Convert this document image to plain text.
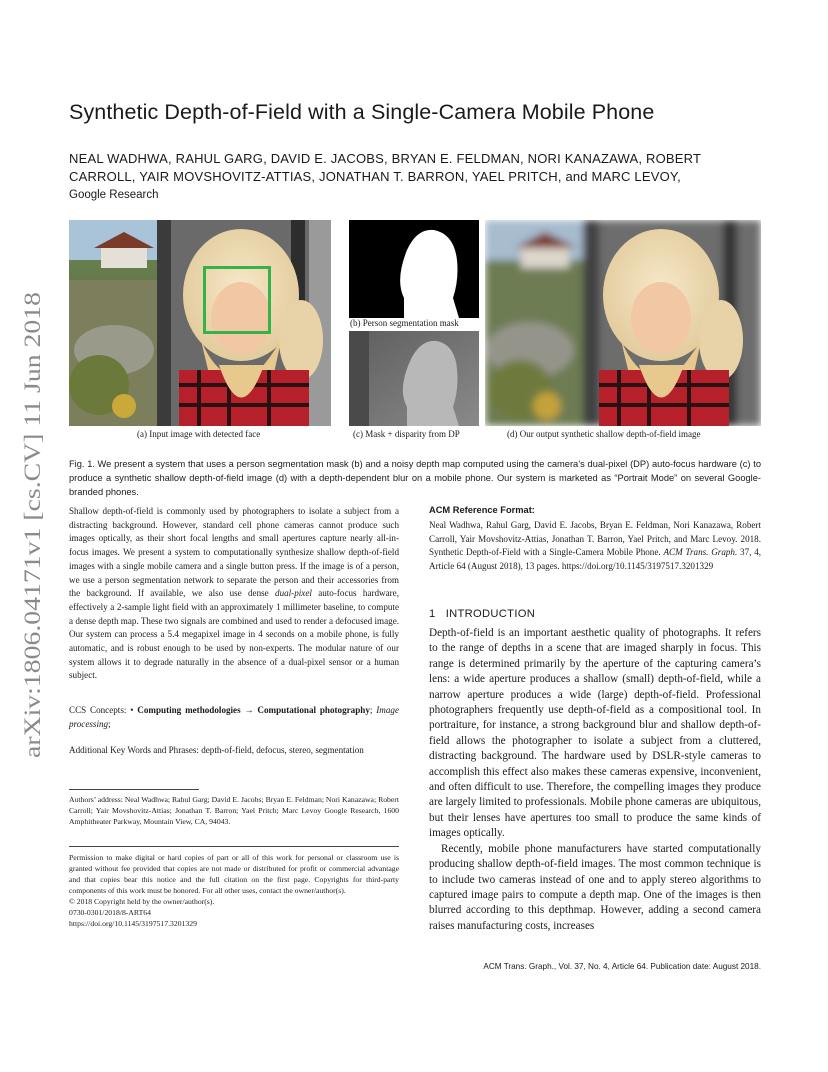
arXiv:1806.04171v1 [cs.CV] 11 Jun 2018
Synthetic Depth-of-Field with a Single-Camera Mobile Phone

NEAL WADHWA, RAHUL GARG, DAVID E. JACOBS, BRYAN E. FELDMAN, NORI KANAZAWA, ROBERT CARROLL, YAIR MOVSHOVITZ-ATTIAS, JONATHAN T. BARRON, YAEL PRITCH, and MARC LEVOY,

Google Research
(b) Person segmentation mask
(a) Input image with detected face	(c) Mask + disparity from DP	(d) Our output synthetic shallow depth-of-field image
Fig. 1. We present a system that uses a person segmentation mask (b) and a noisy depth map computed using the camera’s dual-pixel (DP) auto-focus hardware (c) to produce a synthetic shallow depth-of-field image (d) with a depth-dependent blur on a mobile phone. Our system is marketed as “Portrait Mode” on several Google-branded phones.
Shallow depth-of-field is commonly used by photographers to isolate a subject from a distracting background. However, standard cell phone cameras cannot produce such images optically, as their short focal lengths and small apertures capture nearly all-in-focus images. We present a system to computationally synthesize shallow depth-of-field images with a single mobile camera and a single button press. If the image is of a person, we use a person segmentation network to separate the person and their accessories from the background. If available, we also use dense dual-pixel auto-focus hardware, effectively a 2-sample light field with an approximately 1 millimeter baseline, to compute a dense depth map. These two signals are combined and used to render a defocused image. Our system can process a 5.4 megapixel image in 4 seconds on a mobile phone, is fully automatic, and is robust enough to be used by non-experts. The modular nature of our system allows it to degrade naturally in the absence of a dual-pixel sensor or a human subject.
CCS Concepts: • Computing methodologies → Computational photography; Image processing;
Additional Key Words and Phrases: depth-of-field, defocus, stereo, segmentation
Authors’ address: Neal Wadhwa; Rahul Garg; David E. Jacobs; Bryan E. Feldman; Nori Kanazawa; Robert Carroll; Yair Movshovitz-Attias; Jonathan T. Barron; Yael Pritch; Marc Levoy Google Research, 1600 Amphitheater Parkway, Mountain View, CA, 94043.
Permission to make digital or hard copies of part or all of this work for personal or classroom use is granted without fee provided that copies are not made or distributed for profit or commercial advantage and that copies bear this notice and the full citation on the first page. Copyrights for third-party components of this work must be honored. For all other uses, contact the owner/author(s).
© 2018 Copyright held by the owner/author(s).
0730-0301/2018/8-ART64
https://doi.org/10.1145/3197517.3201329
ACM Reference Format:
Neal Wadhwa, Rahul Garg, David E. Jacobs, Bryan E. Feldman, Nori Kanazawa, Robert Carroll, Yair Movshovitz-Attias, Jonathan T. Barron, Yael Pritch, and Marc Levoy. 2018. Synthetic Depth-of-Field with a Single-Camera Mobile Phone. ACM Trans. Graph. 37, 4, Article 64 (August 2018), 13 pages. https://doi.org/10.1145/3197517.3201329
1   INTRODUCTION

Depth-of-field is an important aesthetic quality of photographs. It refers to the range of depths in a scene that are imaged sharply in focus. This range is determined primarily by the aperture of the capturing camera’s lens: a wide aperture produces a shallow (small) depth-of-field, while a narrow aperture produces a wide (large) depth-of-field. Professional photographers frequently use depth-of-field as a compositional tool. In portraiture, for instance, a strong background blur and shallow depth-of-field allows the photographer to isolate a subject from a cluttered, distracting background. The hardware used by DSLR-style cameras to accomplish this effect also makes these cameras expensive, inconvenient, and often difficult to use. Therefore, the compelling images they produce are largely limited to professionals. Mobile phone cameras are ubiquitous, but their lenses have apertures too small to produce the same kinds of images optically.

Recently, mobile phone manufacturers have started computationally producing shallow depth-of-field images. The most common technique is to include two cameras instead of one and to apply stereo algorithms to captured image pairs to compute a depth map. One of the images is then blurred according to this depthmap. However, adding a second camera raises manufacturing costs, increases

ACM Trans. Graph., Vol. 37, No. 4, Article 64. Publication date: August 2018.
